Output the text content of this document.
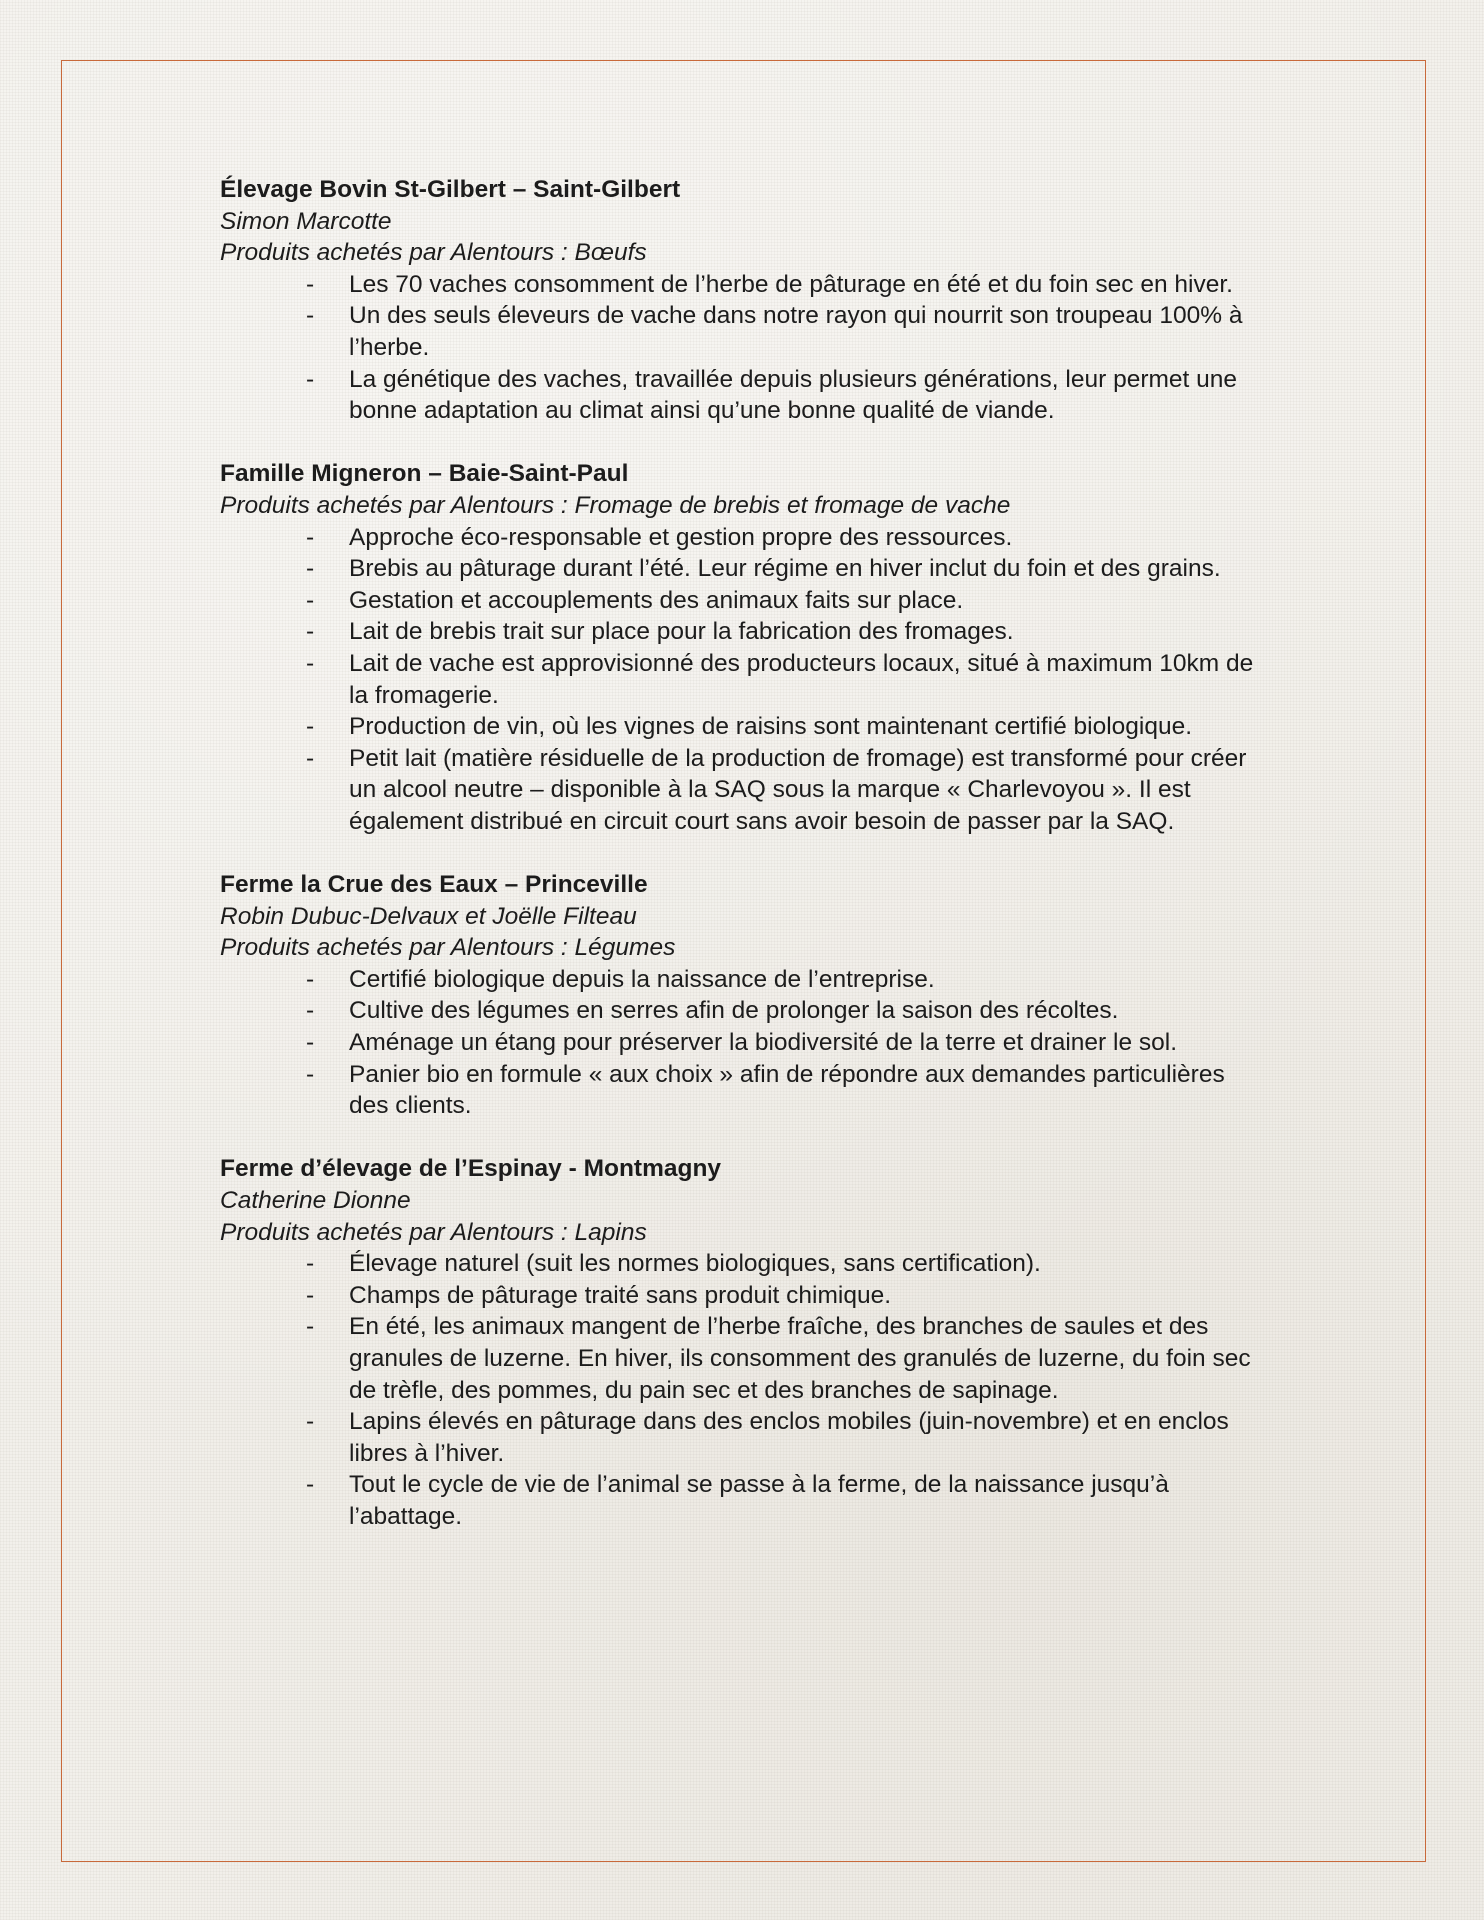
Élevage Bovin St-Gilbert – Saint-Gilbert
Simon Marcotte
Produits achetés par Alentours : Bœufs
- Les 70 vaches consomment de l’herbe de pâturage en été et du foin sec en hiver.
- Un des seuls éleveurs de vache dans notre rayon qui nourrit son troupeau 100% à l’herbe.
- La génétique des vaches, travaillée depuis plusieurs générations, leur permet une bonne adaptation au climat ainsi qu’une bonne qualité de viande.
Famille Migneron – Baie-Saint-Paul
Produits achetés par Alentours : Fromage de brebis et fromage de vache
- Approche éco-responsable et gestion propre des ressources.
- Brebis au pâturage durant l’été. Leur régime en hiver inclut du foin et des grains.
- Gestation et accouplements des animaux faits sur place.
- Lait de brebis trait sur place pour la fabrication des fromages.
- Lait de vache est approvisionné des producteurs locaux, situé à maximum 10km de la fromagerie.
- Production de vin, où les vignes de raisins sont maintenant certifié biologique.
- Petit lait (matière résiduelle de la production de fromage) est transformé pour créer un alcool neutre – disponible à la SAQ sous la marque « Charlevoyou ». Il est également distribué en circuit court sans avoir besoin de passer par la SAQ.
Ferme la Crue des Eaux – Princeville
Robin Dubuc-Delvaux et Joëlle Filteau
Produits achetés par Alentours : Légumes
- Certifié biologique depuis la naissance de l’entreprise.
- Cultive des légumes en serres afin de prolonger la saison des récoltes.
- Aménage un étang pour préserver la biodiversité de la terre et drainer le sol.
- Panier bio en formule « aux choix » afin de répondre aux demandes particulières des clients.
Ferme d’élevage de l’Espinay - Montmagny
Catherine Dionne
Produits achetés par Alentours : Lapins
- Élevage naturel (suit les normes biologiques, sans certification).
- Champs de pâturage traité sans produit chimique.
- En été, les animaux mangent de l’herbe fraîche, des branches de saules et des granules de luzerne. En hiver, ils consomment des granulés de luzerne, du foin sec de trèfle, des pommes, du pain sec et des branches de sapinage.
- Lapins élevés en pâturage dans des enclos mobiles (juin-novembre) et en enclos libres à l’hiver.
- Tout le cycle de vie de l’animal se passe à la ferme, de la naissance jusqu’à l’abattage.
